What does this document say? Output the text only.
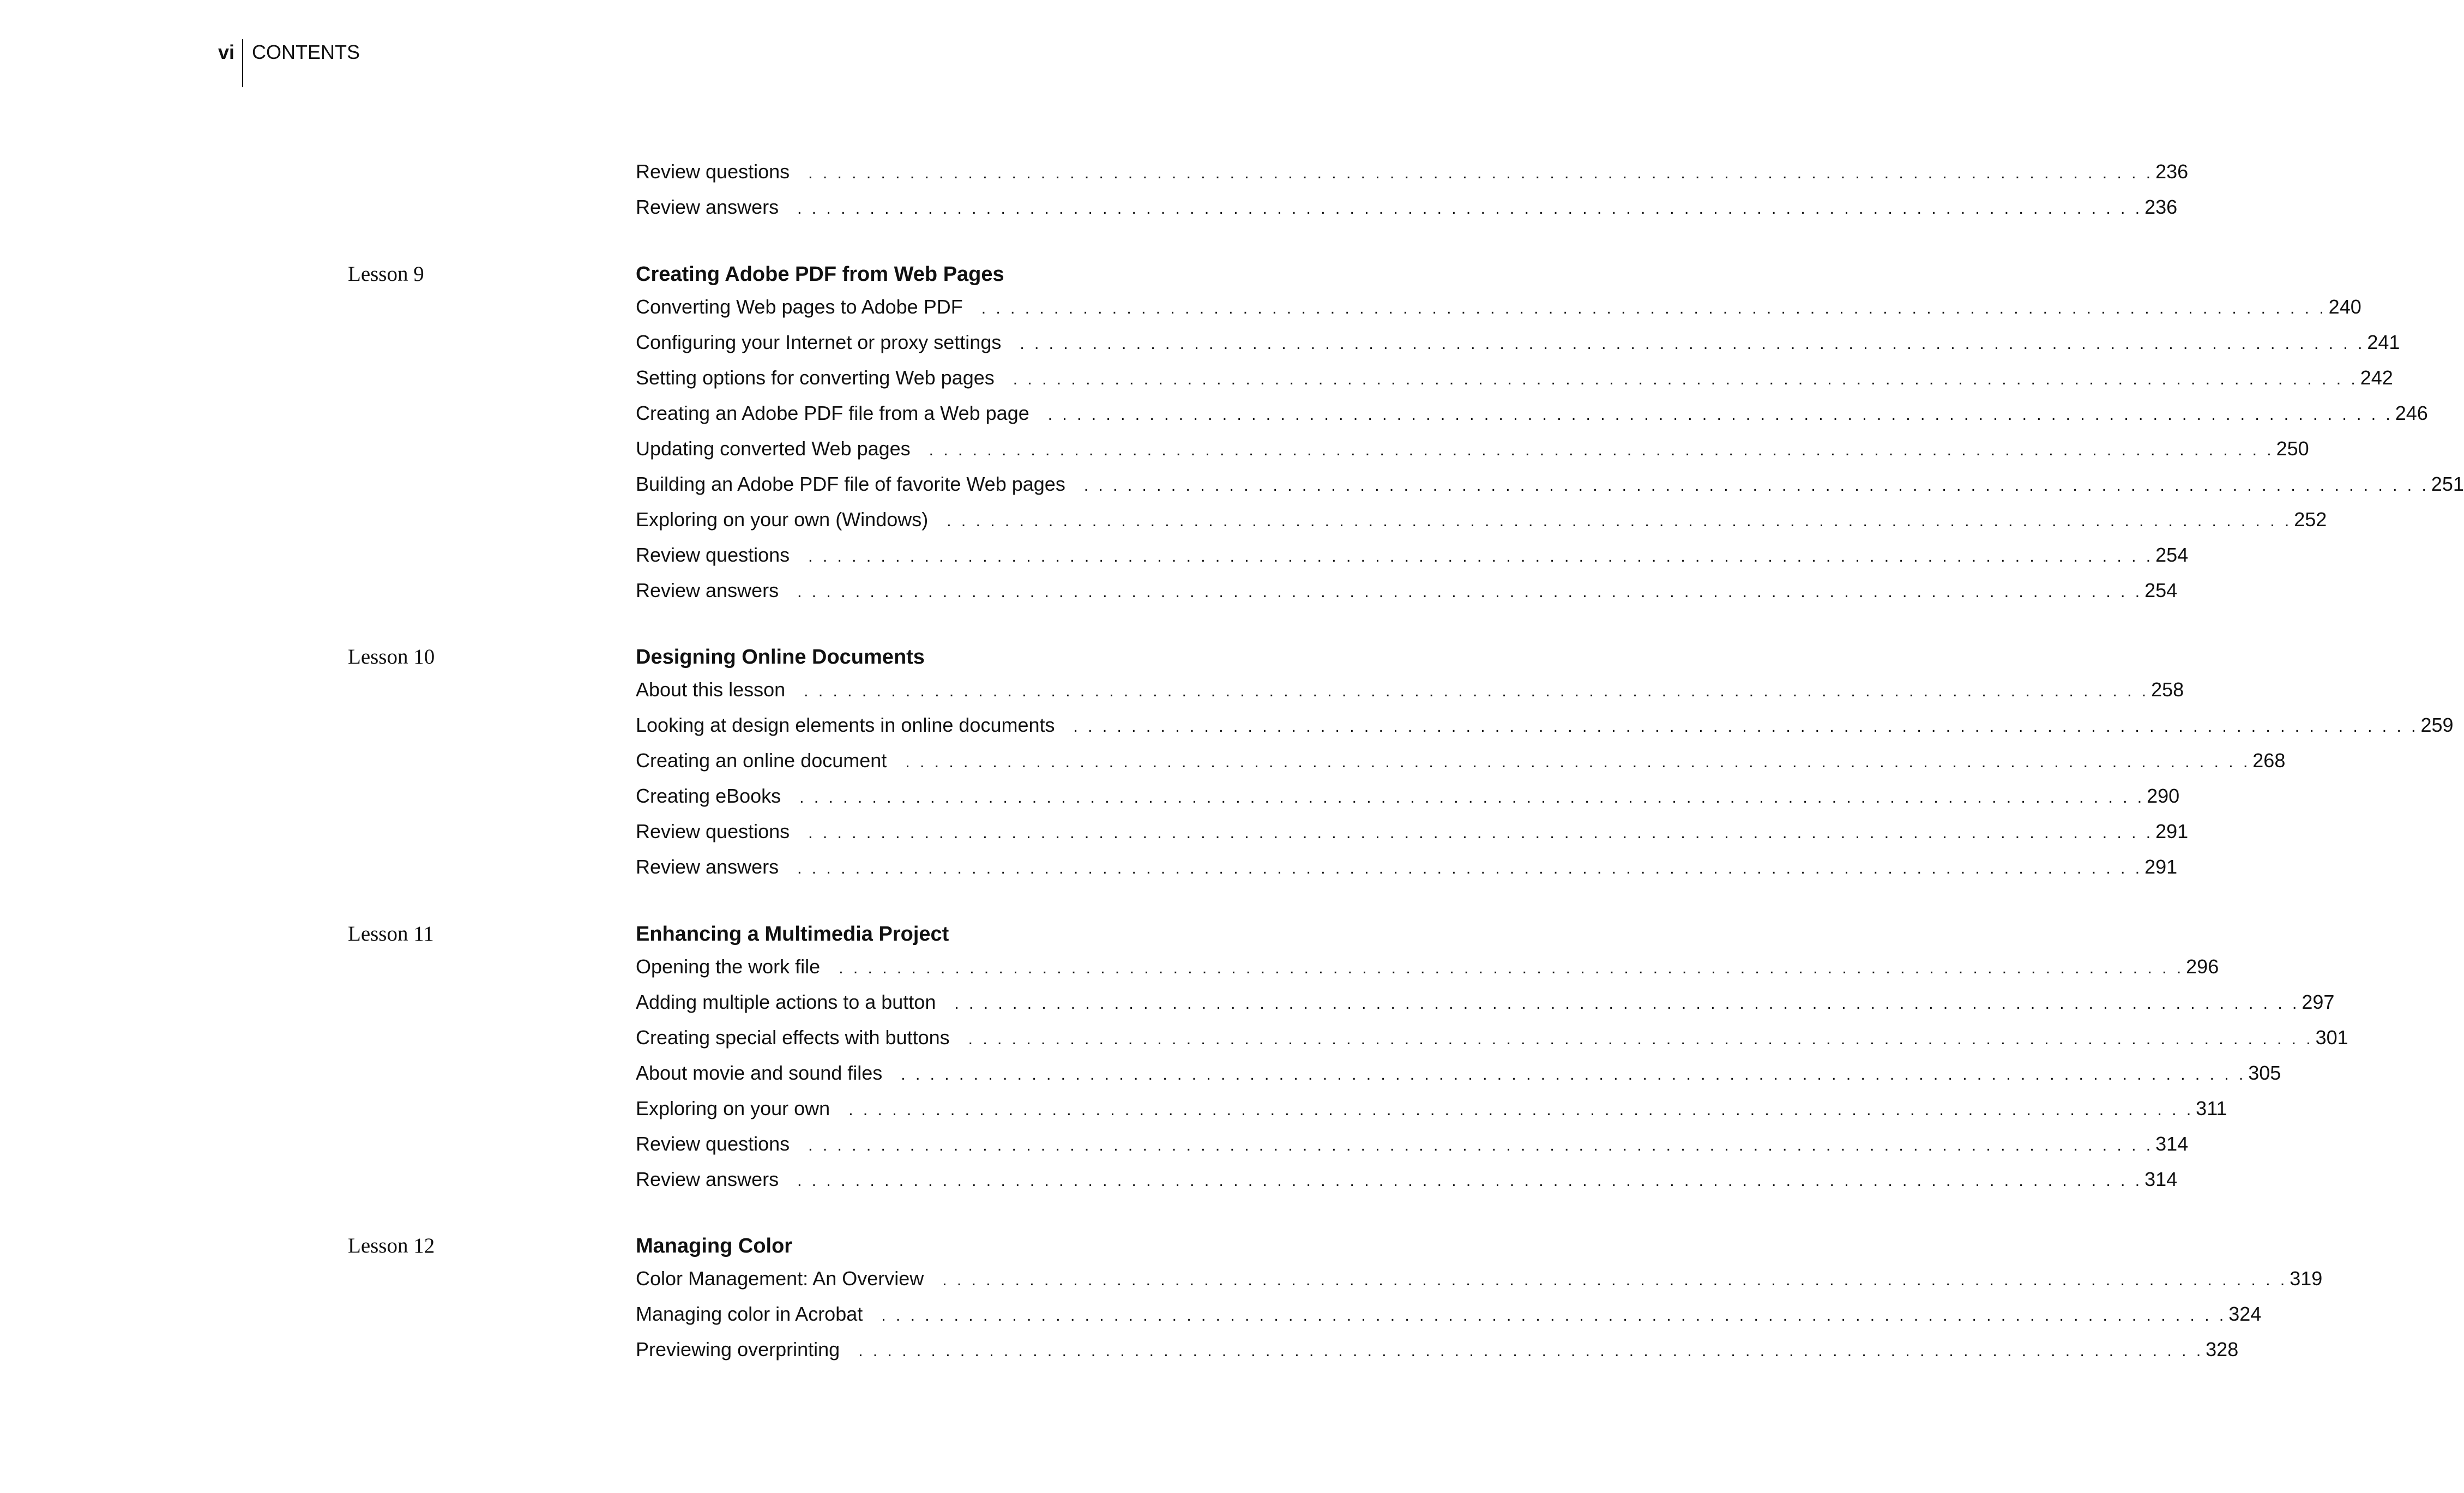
vi CONTENTS
Review questions	. . . . . . . . . . . . . . . . . . . . . . . . . . . . . . . . . . . . . . . . . . . . . . . . . . . . . . . . . . . . . . . . . . . . . . . . . . . . . . . . . . . . . . . . . . . . . 236
Review answers	. . . . . . . . . . . . . . . . . . . . . . . . . . . . . . . . . . . . . . . . . . . . . . . . . . . . . . . . . . . . . . . . . . . . . . . . . . . . . . . . . . . . . . . . . . . . . 236
Lesson 9	Creating Adobe PDF from Web Pages
Converting Web pages to Adobe PDF	. . . . . . . . . . . . . . . . . . . . . . . . . . . . . . . . . . . . . . . . . . . . . . . . . . . . . . . . . . . . . . . . . . . . . . . . . . . . . . . . . . . . . . . . . . . . . 240
Configuring your Internet or proxy settings	. . . . . . . . . . . . . . . . . . . . . . . . . . . . . . . . . . . . . . . . . . . . . . . . . . . . . . . . . . . . . . . . . . . . . . . . . . . . . . . . . . . . . . . . . . . . . 241
Setting options for converting Web pages	. . . . . . . . . . . . . . . . . . . . . . . . . . . . . . . . . . . . . . . . . . . . . . . . . . . . . . . . . . . . . . . . . . . . . . . . . . . . . . . . . . . . . . . . . . . . . 242
Creating an Adobe PDF file from a Web page	. . . . . . . . . . . . . . . . . . . . . . . . . . . . . . . . . . . . . . . . . . . . . . . . . . . . . . . . . . . . . . . . . . . . . . . . . . . . . . . . . . . . . . . . . . . . . 246
Updating converted Web pages	. . . . . . . . . . . . . . . . . . . . . . . . . . . . . . . . . . . . . . . . . . . . . . . . . . . . . . . . . . . . . . . . . . . . . . . . . . . . . . . . . . . . . . . . . . . . . 250
Building an Adobe PDF file of favorite Web pages	. . . . . . . . . . . . . . . . . . . . . . . . . . . . . . . . . . . . . . . . . . . . . . . . . . . . . . . . . . . . . . . . . . . . . . . . . . . . . . . . . . . . . . . . . . . . . 251
Exploring on your own (Windows)	. . . . . . . . . . . . . . . . . . . . . . . . . . . . . . . . . . . . . . . . . . . . . . . . . . . . . . . . . . . . . . . . . . . . . . . . . . . . . . . . . . . . . . . . . . . . . 252
Review questions	. . . . . . . . . . . . . . . . . . . . . . . . . . . . . . . . . . . . . . . . . . . . . . . . . . . . . . . . . . . . . . . . . . . . . . . . . . . . . . . . . . . . . . . . . . . . . 254
Review answers	. . . . . . . . . . . . . . . . . . . . . . . . . . . . . . . . . . . . . . . . . . . . . . . . . . . . . . . . . . . . . . . . . . . . . . . . . . . . . . . . . . . . . . . . . . . . . 254
Lesson 10	Designing Online Documents
About this lesson	. . . . . . . . . . . . . . . . . . . . . . . . . . . . . . . . . . . . . . . . . . . . . . . . . . . . . . . . . . . . . . . . . . . . . . . . . . . . . . . . . . . . . . . . . . . . . 258
Looking at design elements in online documents	. . . . . . . . . . . . . . . . . . . . . . . . . . . . . . . . . . . . . . . . . . . . . . . . . . . . . . . . . . . . . . . . . . . . . . . . . . . . . . . . . . . . . . . . . . . . . 259
Creating an online document	. . . . . . . . . . . . . . . . . . . . . . . . . . . . . . . . . . . . . . . . . . . . . . . . . . . . . . . . . . . . . . . . . . . . . . . . . . . . . . . . . . . . . . . . . . . . . 268
Creating eBooks	. . . . . . . . . . . . . . . . . . . . . . . . . . . . . . . . . . . . . . . . . . . . . . . . . . . . . . . . . . . . . . . . . . . . . . . . . . . . . . . . . . . . . . . . . . . . . 290
Review questions	. . . . . . . . . . . . . . . . . . . . . . . . . . . . . . . . . . . . . . . . . . . . . . . . . . . . . . . . . . . . . . . . . . . . . . . . . . . . . . . . . . . . . . . . . . . . . 291
Review answers	. . . . . . . . . . . . . . . . . . . . . . . . . . . . . . . . . . . . . . . . . . . . . . . . . . . . . . . . . . . . . . . . . . . . . . . . . . . . . . . . . . . . . . . . . . . . . 291
Lesson 11	Enhancing a Multimedia Project
Opening the work file	. . . . . . . . . . . . . . . . . . . . . . . . . . . . . . . . . . . . . . . . . . . . . . . . . . . . . . . . . . . . . . . . . . . . . . . . . . . . . . . . . . . . . . . . . . . . . 296
Adding multiple actions to a button	. . . . . . . . . . . . . . . . . . . . . . . . . . . . . . . . . . . . . . . . . . . . . . . . . . . . . . . . . . . . . . . . . . . . . . . . . . . . . . . . . . . . . . . . . . . . . 297
Creating special effects with buttons	. . . . . . . . . . . . . . . . . . . . . . . . . . . . . . . . . . . . . . . . . . . . . . . . . . . . . . . . . . . . . . . . . . . . . . . . . . . . . . . . . . . . . . . . . . . . . 301
About movie and sound files	. . . . . . . . . . . . . . . . . . . . . . . . . . . . . . . . . . . . . . . . . . . . . . . . . . . . . . . . . . . . . . . . . . . . . . . . . . . . . . . . . . . . . . . . . . . . . 305
Exploring on your own	. . . . . . . . . . . . . . . . . . . . . . . . . . . . . . . . . . . . . . . . . . . . . . . . . . . . . . . . . . . . . . . . . . . . . . . . . . . . . . . . . . . . . . . . . . . . . 311
Review questions	. . . . . . . . . . . . . . . . . . . . . . . . . . . . . . . . . . . . . . . . . . . . . . . . . . . . . . . . . . . . . . . . . . . . . . . . . . . . . . . . . . . . . . . . . . . . . 314
Review answers	. . . . . . . . . . . . . . . . . . . . . . . . . . . . . . . . . . . . . . . . . . . . . . . . . . . . . . . . . . . . . . . . . . . . . . . . . . . . . . . . . . . . . . . . . . . . . 314
Lesson 12	Managing Color
Color Management: An Overview	. . . . . . . . . . . . . . . . . . . . . . . . . . . . . . . . . . . . . . . . . . . . . . . . . . . . . . . . . . . . . . . . . . . . . . . . . . . . . . . . . . . . . . . . . . . . . 319
Managing color in Acrobat	. . . . . . . . . . . . . . . . . . . . . . . . . . . . . . . . . . . . . . . . . . . . . . . . . . . . . . . . . . . . . . . . . . . . . . . . . . . . . . . . . . . . . . . . . . . . . 324
Previewing overprinting	. . . . . . . . . . . . . . . . . . . . . . . . . . . . . . . . . . . . . . . . . . . . . . . . . . . . . . . . . . . . . . . . . . . . . . . . . . . . . . . . . . . . . . . . . . . . . 328
